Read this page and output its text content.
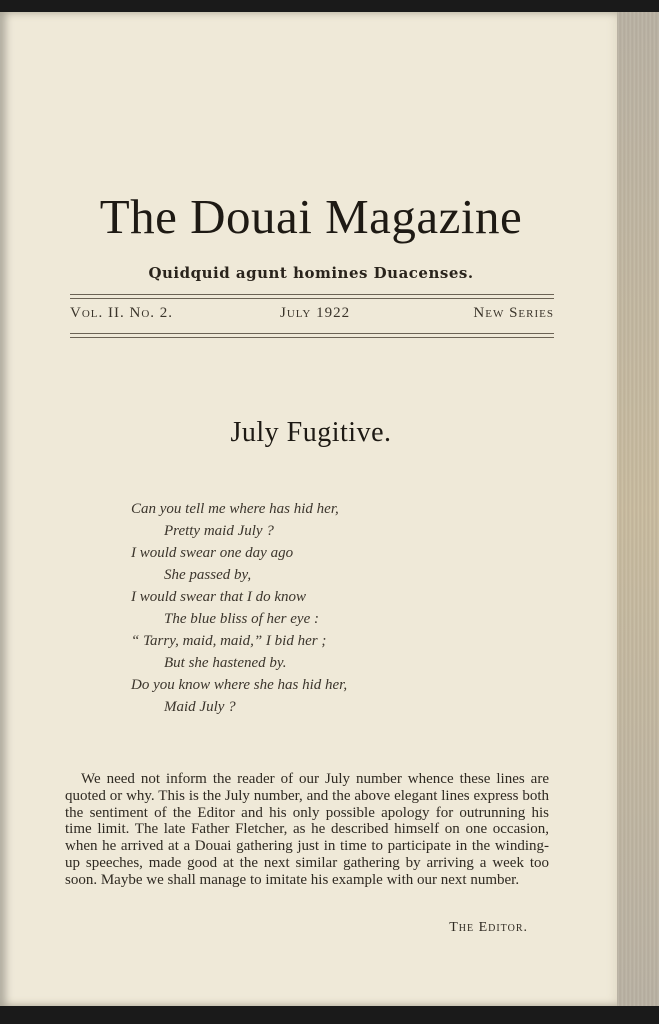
The Douai Magazine
Quidquid agunt homines Duacenses.
Vol. II. No. 2.	July 1922	New Series
July Fugitive.
Can you tell me where has hid her,
Pretty maid July ?
I would swear one day ago
She passed by,
I would swear that I do know
The blue bliss of her eye :
“ Tarry, maid, maid,” I bid her ;
But she hastened by.
Do you know where she has hid her,
Maid July ?

We need not inform the reader of our July number whence these lines are quoted or why. This is the July number, and the above elegant lines express both the sentiment of the Editor and his only possible apology for outrunning his time limit. The late Father Fletcher, as he described himself on one occasion, when he arrived at a Douai gathering just in time to participate in the winding-up speeches, made good at the next similar gathering by arriving a week too soon. Maybe we shall manage to imitate his example with our next number.

The Editor.
